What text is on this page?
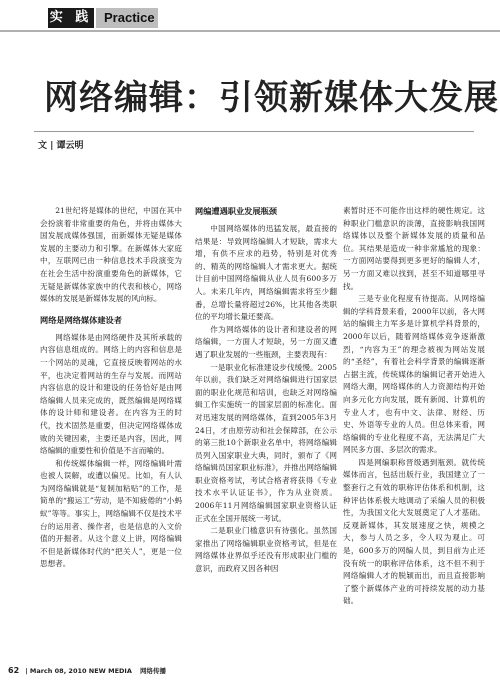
实 践 Practice
网络编辑：引领新媒体大发展
文 | 谭云明

21世纪将是媒体的世纪，中国在其中会扮演着非常重要的角色，并将由媒体大国发展成媒体强国，而新媒体无疑是媒体发展的主要动力和引擎。在新媒体大家庭中，互联网已由一种信息技术手段演变为在社会生活中扮演重要角色的新媒体，它无疑是新媒体家族中的代表和核心，网络媒体的发展是新媒体发展的风向标。

网络是网络媒体建设者

网络媒体是由网络硬件及其所承载的内容信息组成的。网络上的内容和信息是一个网站的灵魂，它直接反映着网站的水平，也决定着网站的生存与发展。而网站内容信息的设计和建设的任务恰好是由网络编辑人员来完成的，既然编辑是网络媒体的设计师和建设者。在内容为王的时代，技术固然是重要，但决定网络媒体成败的关键因素，主要还是内容，因此，网络编辑的重要性和价值是不言而喻的。

和传统媒体编辑一样，网络编辑叶需也被人误解，或遭以偏见。比如，有人认为网络编辑就是“复制加粘贴”的工作，是简单的“搬运工”劳动，是不知疲倦的“小蚂蚁”等等。事实上，网络编辑不仅是技术平台的运用者、操作者，也是信息的入文价值的开掘者。从这个意义上讲，网络编辑不但是新媒体时代的“把关人”，更是一位思想者。

网编遭遇职业发展瓶颈

中国网络媒体的迅猛发展，最直接的结果是：导致网络编辑人才短缺，需求大增，有供不应求的趋势，特别是对优秀的、精英的网络编辑人才需求更大。据统计目前中国网络编辑从业人员有600多万人。未来几年内，网络编辑需求将至少翻番，总增长量将超过26%，比其他各类职位的平均增长量还要高。

作为网络媒体的设计者和建设者的网络编辑，一方面人才短缺，另一方面又遭遇了职业发展的一些瓶颈，主要表现有：

一是职业化标准建设步伐缓慢。2005年以前，我们缺乏对网络编辑进行国家层面的职业化规范和培训，也缺乏对网络编辑工作实施统一的国家层面的标准化。面对迅速发展的网络媒体，直到2005年3月24日，才由原劳动和社会保障部，在公示的第三批10个新职业名单中，将网络编辑员列入国家职业大典，同时，颁布了《网络编辑员国家职业标准》，并推出网络编辑职业资格考试，考试合格者将获得《专业技术水平认证证书》，作为从业资质。2006年11月网络编辑国家职业资格认证正式在全国开展统一考试。

二是职业门槛意识有待强化。虽然国家推出了网络编辑职业资格考试，但是在网络媒体业界似乎还没有形成职业门槛的意识，而政府又因各种因

素暂时还不可能作出这样的硬性规定。这种职业门槛意识的淡薄，直接影响我国网络媒体以及整个新媒体发展的质量和品位。其结果是造成一种非常尴尬的现象：一方面网站要得到更多更好的编辑人才，另一方面又难以找到，甚至不知道哪里寻找。

三是专业化程度有待提高。从网络编辑的学科背景来看，2000年以前，各大网站的编辑主力军多是计算机学科背景的，2000年以后，随着网络媒体竞争逐渐激烈，“内容为王”的理念被视为网站发展的“圣经”，有着社会科学背景的编辑逐渐占据主流，传统媒体的编辑记者开始进入网络大潮，网络媒体的人力资源结构开始向多元化方向发展，既有新闻、计算机的专业人才，也有中文、法律、财经、历史、外语等专业的人员。但总体来看，网络编辑的专业化程度不高，无法满足广大网民多方面、多层次的需求。

四是网编职称晋级遇到瓶颈。就传统媒体而言，包括出版行业，我国建立了一整套行之有效的职称评估体系和机制，这种评估体系极大地调动了采编人员的积极性，为我国文化大发展奠定了人才基础。反观新媒体，其发展速度之快，规模之大，参与人员之多，令人叹为观止。可是，600多万的网编人员，到目前为止还没有统一的职称评估体系，这不但不利于网络编辑人才的脱颖而出，而且直接影响了整个新媒体产业的可持续发展的动力基础。

62 | March 08, 2010 NEW MEDIA 网络传播
